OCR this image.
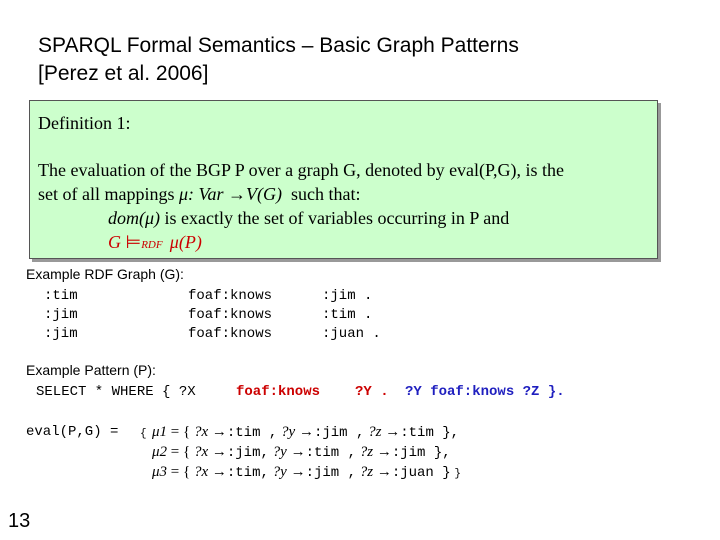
SPARQL Formal Semantics – Basic Graph Patterns
[Perez et al. 2006]
Definition 1:
The evaluation of the BGP P over a graph G, denoted by eval(P,G), is the
set of all mappings μ: Var →V(G)  such that:
dom(μ) is exactly the set of variables occurring in P and
G ⊨RDF   μ(P)
Example RDF Graph (G):
:tim	foaf:knows	:jim .
:jim	foaf:knows	:tim .
:jim	foaf:knows	:juan .
Example Pattern (P):
SELECT * WHERE { ?X	foaf:knows ?Y . ?Y foaf:knows ?Z }.
eval(P,G) = { μ1 = { ?x →:tim , ?y →:jim , ?z →:tim },
μ2 = { ?x →:jim, ?y →:tim , ?z →:jim },
μ3 = { ?x →:tim, ?y →:jim , ?z →:juan } }
13
